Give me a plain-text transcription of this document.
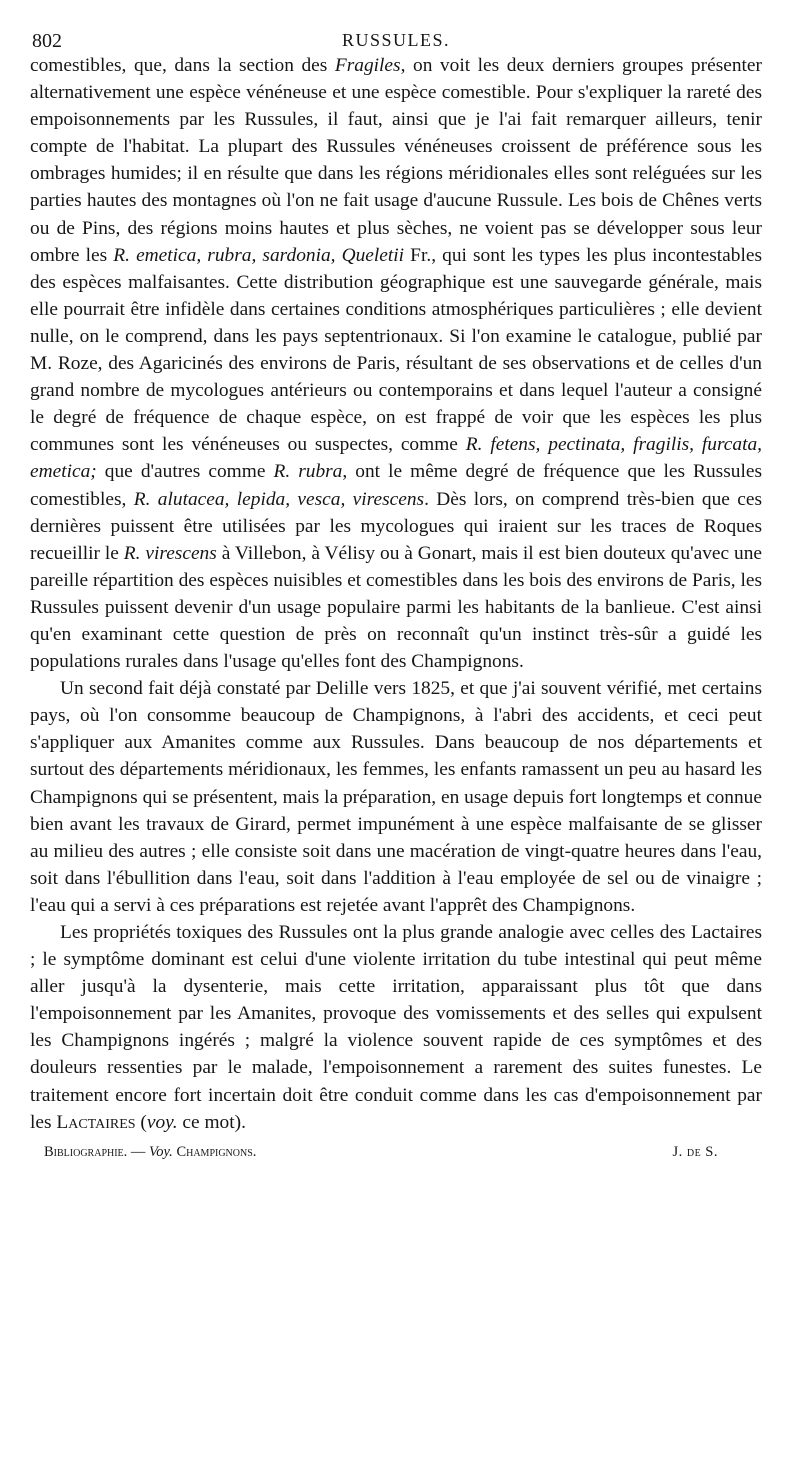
802	RUSSULES.

comestibles, que, dans la section des Fragiles, on voit les deux derniers groupes présenter alternativement une espèce vénéneuse et une espèce comestible. Pour s'expliquer la rareté des empoisonnements par les Russules, il faut, ainsi que je l'ai fait remarquer ailleurs, tenir compte de l'habitat. La plupart des Russules vénéneuses croissent de préférence sous les ombrages humides; il en résulte que dans les régions méridionales elles sont reléguées sur les parties hautes des montagnes où l'on ne fait usage d'aucune Russule. Les bois de Chênes verts ou de Pins, des régions moins hautes et plus sèches, ne voient pas se développer sous leur ombre les R. emetica, rubra, sardonia, Queletii Fr., qui sont les types les plus incontestables des espèces malfaisantes. Cette distribution géographique est une sauvegarde générale, mais elle pourrait être infidèle dans certaines conditions atmosphériques particulières ; elle devient nulle, on le comprend, dans les pays septentrionaux. Si l'on examine le catalogue, publié par M. Roze, des Agaricinés des environs de Paris, résultant de ses observations et de celles d'un grand nombre de mycologues antérieurs ou contemporains et dans lequel l'auteur a consigné le degré de fréquence de chaque espèce, on est frappé de voir que les espèces les plus communes sont les vénéneuses ou suspectes, comme R. fetens, pectinata, fragilis, furcata, emetica; que d'autres comme R. rubra, ont le même degré de fréquence que les Russules comestibles, R. alutacea, lepida, vesca, virescens. Dès lors, on comprend très-bien que ces dernières puissent être utilisées par les mycologues qui iraient sur les traces de Roques recueillir le R. virescens à Villebon, à Vélisy ou à Gonart, mais il est bien douteux qu'avec une pareille répartition des espèces nuisibles et comestibles dans les bois des environs de Paris, les Russules puissent devenir d'un usage populaire parmi les habitants de la banlieue. C'est ainsi qu'en examinant cette question de près on reconnaît qu'un instinct très-sûr a guidé les populations rurales dans l'usage qu'elles font des Champignons.

Un second fait déjà constaté par Delille vers 1825, et que j'ai souvent vérifié, met certains pays, où l'on consomme beaucoup de Champignons, à l'abri des accidents, et ceci peut s'appliquer aux Amanites comme aux Russules. Dans beaucoup de nos départements et surtout des départements méridionaux, les femmes, les enfants ramassent un peu au hasard les Champignons qui se présentent, mais la préparation, en usage depuis fort longtemps et connue bien avant les travaux de Girard, permet impunément à une espèce malfaisante de se glisser au milieu des autres ; elle consiste soit dans une macération de vingt-quatre heures dans l'eau, soit dans l'ébullition dans l'eau, soit dans l'addition à l'eau employée de sel ou de vinaigre ; l'eau qui a servi à ces préparations est rejetée avant l'apprêt des Champignons.

Les propriétés toxiques des Russules ont la plus grande analogie avec celles des Lactaires ; le symptôme dominant est celui d'une violente irritation du tube intestinal qui peut même aller jusqu'à la dysenterie, mais cette irritation, apparaissant plus tôt que dans l'empoisonnement par les Amanites, provoque des vomissements et des selles qui expulsent les Champignons ingérés ; malgré la violence souvent rapide de ces symptômes et des douleurs ressenties par le malade, l'empoisonnement a rarement des suites funestes. Le traitement encore fort incertain doit être conduit comme dans les cas d'empoisonnement par les Lactaires (voy. ce mot).

Bibliographie. — Voy. Champignons.	J. de S.
